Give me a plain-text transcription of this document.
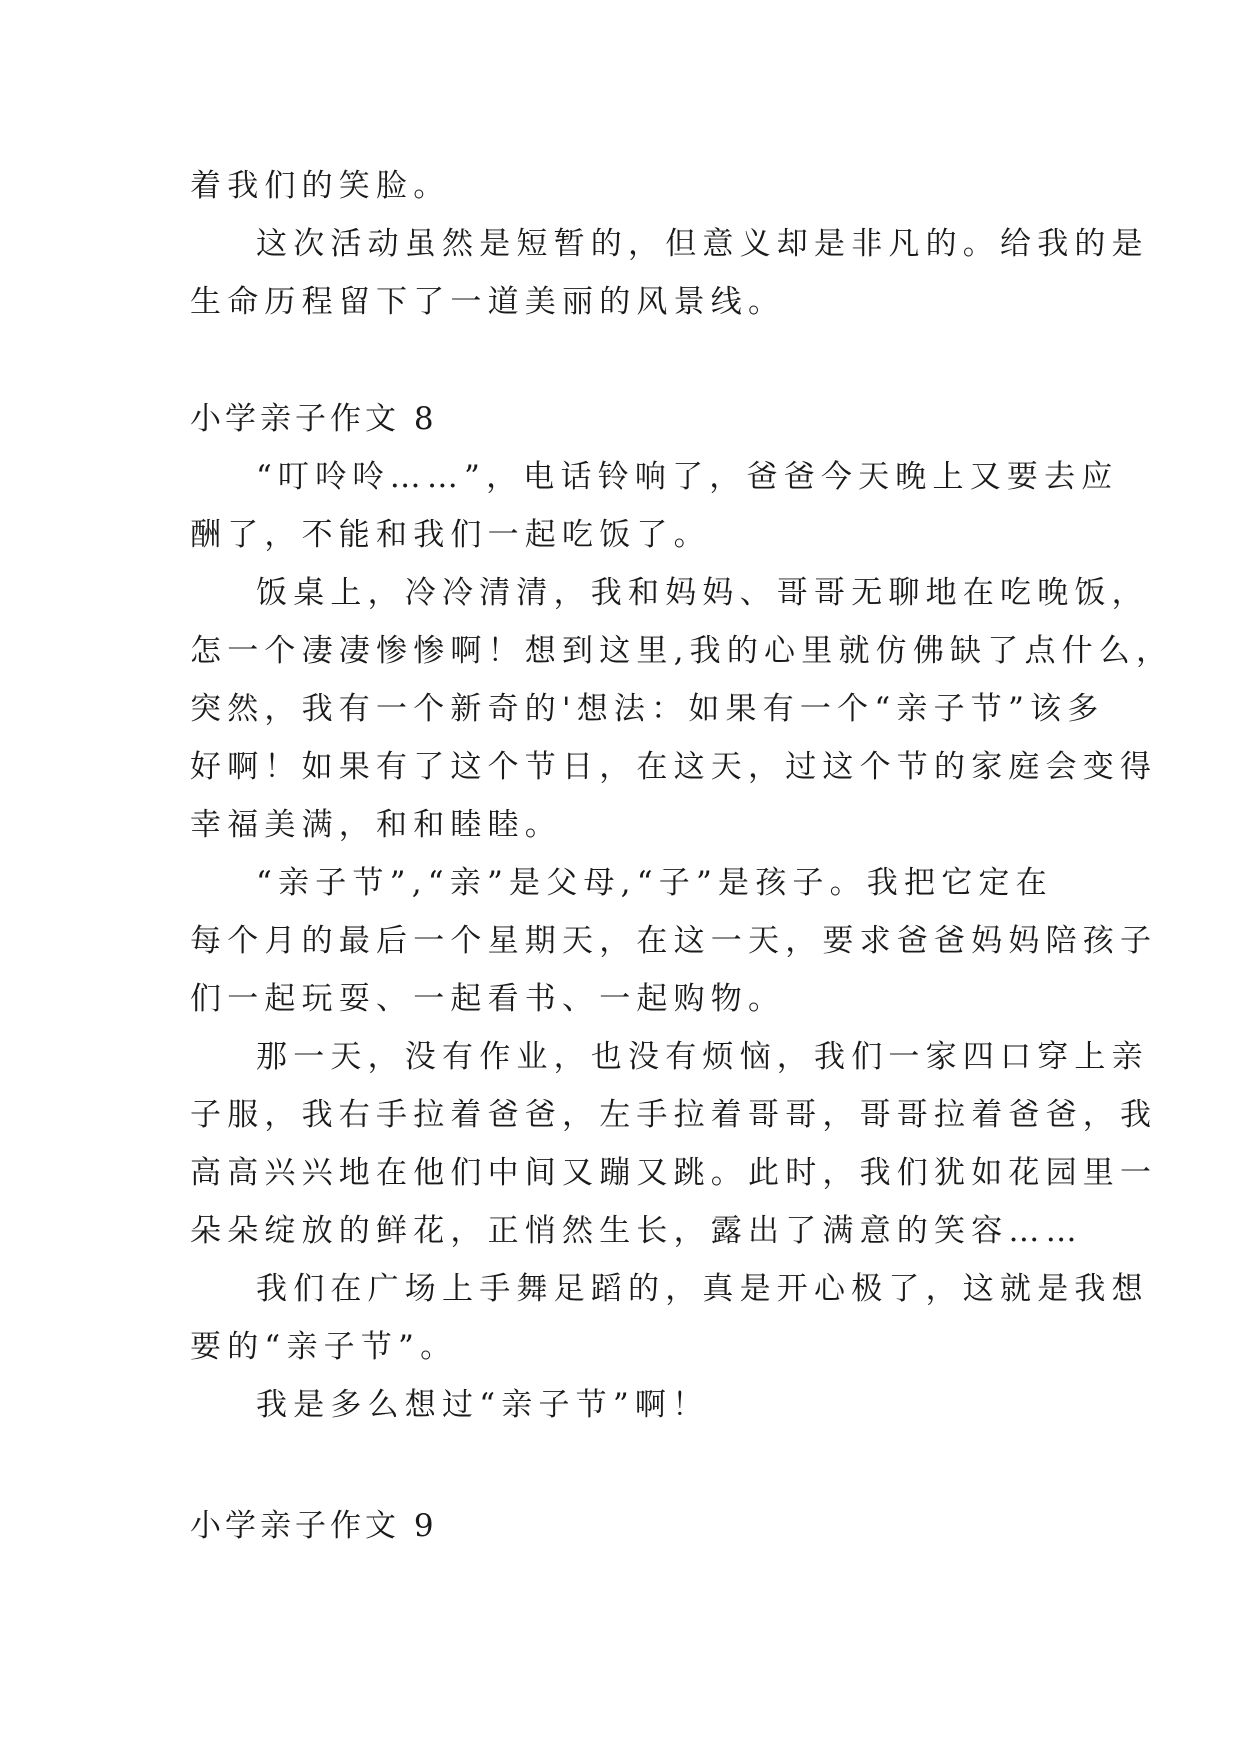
着我们的笑脸。
这次活动虽然是短暂的，但意义却是非凡的。给我的是
生命历程留下了一道美丽的风景线。
小学亲子作文 8
“叮呤呤……”，电话铃响了，爸爸今天晚上又要去应
酬了，不能和我们一起吃饭了。
饭桌上，冷冷清清，我和妈妈、哥哥无聊地在吃晚饭，
怎一个凄凄惨惨啊！想到这里,我的心里就仿佛缺了点什么，
突然，我有一个新奇的'想法：如果有一个“亲子节”该多
好啊！如果有了这个节日，在这天，过这个节的家庭会变得
幸福美满，和和睦睦。
“亲子节”,“亲”是父母,“子”是孩子。我把它定在
每个月的最后一个星期天，在这一天，要求爸爸妈妈陪孩子
们一起玩耍、一起看书、一起购物。
那一天，没有作业，也没有烦恼，我们一家四口穿上亲
子服，我右手拉着爸爸，左手拉着哥哥，哥哥拉着爸爸，我
高高兴兴地在他们中间又蹦又跳。此时，我们犹如花园里一
朵朵绽放的鲜花，正悄然生长，露出了满意的笑容……
我们在广场上手舞足蹈的，真是开心极了，这就是我想
要的“亲子节”。
我是多么想过“亲子节”啊！
小学亲子作文 9
